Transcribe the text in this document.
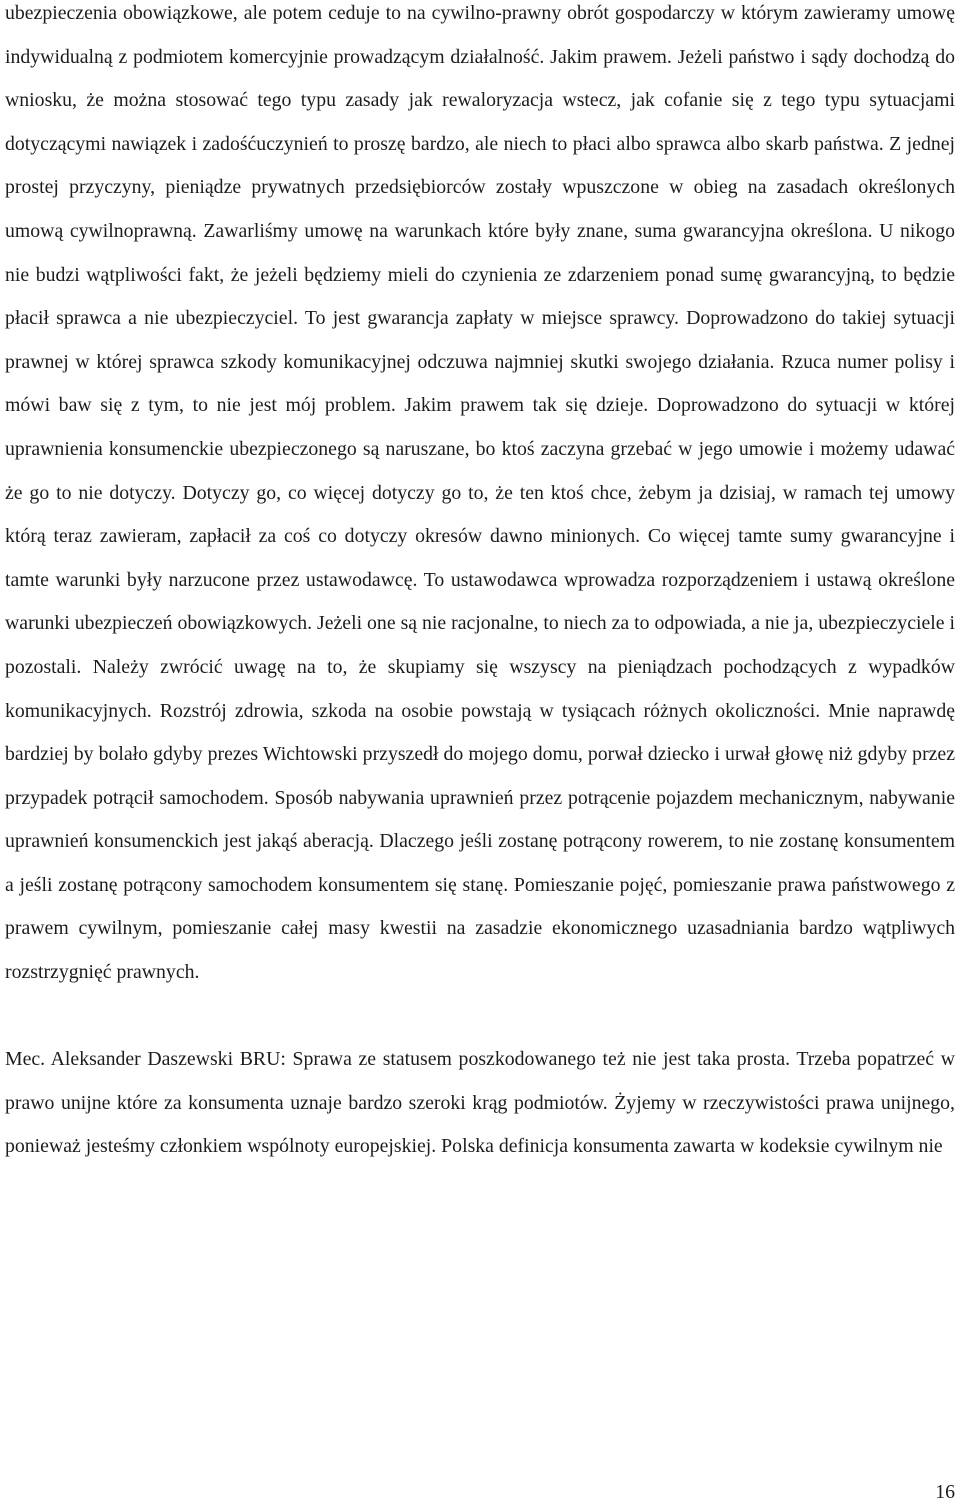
ubezpieczenia obowiązkowe, ale potem ceduje to na cywilno-prawny obrót gospodarczy w którym zawieramy umowę indywidualną z podmiotem komercyjnie prowadzącym działalność. Jakim prawem. Jeżeli państwo i sądy dochodzą do wniosku, że można stosować tego typu zasady jak rewaloryzacja wstecz, jak cofanie się z tego typu sytuacjami dotyczącymi nawiązek i zadośćuczynień to proszę bardzo, ale niech to płaci albo sprawca albo skarb państwa. Z jednej prostej przyczyny, pieniądze prywatnych przedsiębiorców zostały wpuszczone w obieg na zasadach określonych umową cywilnoprawną. Zawarliśmy umowę na warunkach które były znane, suma gwarancyjna określona. U nikogo nie budzi wątpliwości fakt, że jeżeli będziemy mieli do czynienia ze zdarzeniem ponad sumę gwarancyjną, to będzie płacił sprawca a nie ubezpieczyciel. To jest gwarancja zapłaty w miejsce sprawcy. Doprowadzono do takiej sytuacji prawnej w której sprawca szkody komunikacyjnej odczuwa najmniej skutki swojego działania. Rzuca numer polisy i mówi baw się z tym, to nie jest mój problem. Jakim prawem tak się dzieje. Doprowadzono do sytuacji w której uprawnienia konsumenckie ubezpieczonego są naruszane, bo ktoś zaczyna grzebać w jego umowie i możemy udawać że go to nie dotyczy. Dotyczy go, co więcej dotyczy go to, że ten ktoś chce, żebym ja dzisiaj, w ramach tej umowy którą teraz zawieram, zapłacił za coś co dotyczy okresów dawno minionych. Co więcej tamte sumy gwarancyjne i tamte warunki były narzucone przez ustawodawcę. To ustawodawca wprowadza rozporządzeniem i ustawą określone warunki ubezpieczeń obowiązkowych. Jeżeli one są nie racjonalne, to niech za to odpowiada, a nie ja, ubezpieczyciele i pozostali. Należy zwrócić uwagę na to, że skupiamy się wszyscy na pieniądzach pochodzących z wypadków komunikacyjnych. Rozstrój zdrowia, szkoda na osobie powstają w tysiącach różnych okoliczności. Mnie naprawdę bardziej by bolało gdyby prezes Wichtowski przyszedł do mojego domu, porwał dziecko i urwał głowę niż gdyby przez przypadek potrącił samochodem. Sposób nabywania uprawnień przez potrącenie pojazdem mechanicznym, nabywanie uprawnień konsumenckich jest jakąś aberacją. Dlaczego jeśli zostanę potrącony rowerem, to nie zostanę konsumentem a jeśli zostanę potrącony samochodem konsumentem się stanę. Pomieszanie pojęć, pomieszanie prawa państwowego z prawem cywilnym, pomieszanie całej masy kwestii na zasadzie ekonomicznego uzasadniania bardzo wątpliwych rozstrzygnięć prawnych.

Mec. Aleksander Daszewski BRU: Sprawa ze statusem poszkodowanego też nie jest taka prosta. Trzeba popatrzeć w prawo unijne które za konsumenta uznaje bardzo szeroki krąg podmiotów. Żyjemy w rzeczywistości prawa unijnego, ponieważ jesteśmy członkiem wspólnoty europejskiej. Polska definicja konsumenta zawarta w kodeksie cywilnym nie

16
